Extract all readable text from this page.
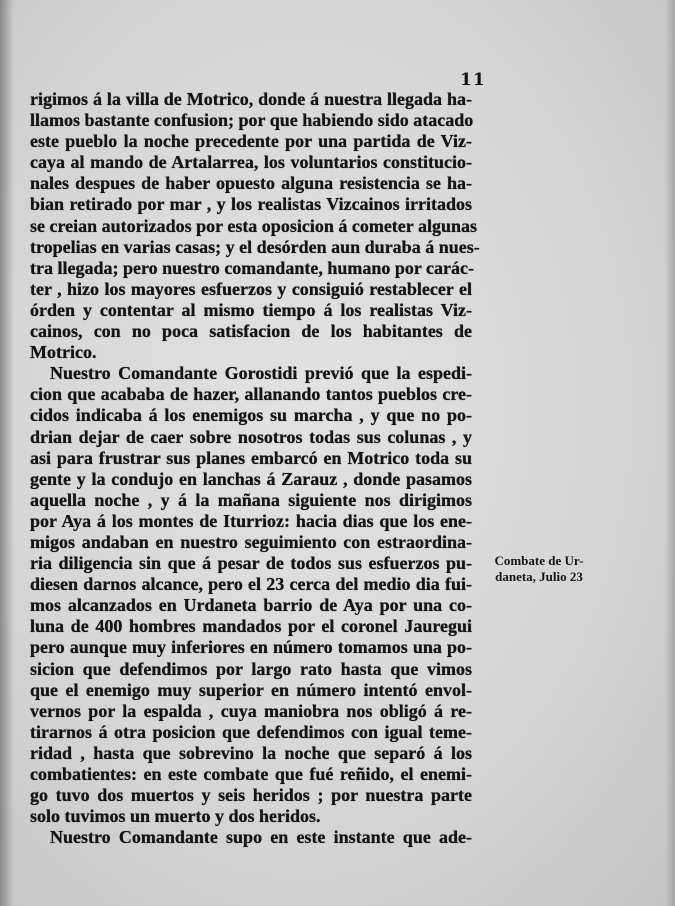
11
rigimos á la villa de Motrico, donde á nuestra llegada ha-
llamos bastante confusion; por que habiendo sido atacado
este pueblo la noche precedente por una partida de Viz-
caya al mando de Artalarrea, los voluntarios constitucio-
nales despues de haber opuesto alguna resistencia se ha-
bian retirado por mar , y los realistas Vizcainos irritados
se creian autorizados por esta oposicion á cometer algunas
tropelias en varias casas; y el desórden aun duraba á nues-
tra llegada; pero nuestro comandante, humano por carác-
ter , hizo los mayores esfuerzos y consiguió restablecer el
órden y contentar al mismo tiempo á los realistas Viz-
cainos, con no poca satisfacion de los habitantes de
Motrico.
Nuestro Comandante Gorostidi previó que la espedi-
cion que acababa de hazer, allanando tantos pueblos cre-
cidos indicaba á los enemigos su marcha , y que no po-
drian dejar de caer sobre nosotros todas sus colunas , y
asi para frustrar sus planes embarcó en Motrico toda su
gente y la condujo en lanchas á Zarauz , donde pasamos
aquella noche , y á la mañana siguiente nos dirigimos
por Aya á los montes de Iturrioz: hacia dias que los ene-
migos andaban en nuestro seguimiento con estraordina-
ria diligencia sin que á pesar de todos sus esfuerzos pu-
diesen darnos alcance, pero el 23 cerca del medio dia fui-
mos alcanzados en Urdaneta barrio de Aya por una co-
luna de 400 hombres mandados por el coronel Jauregui
pero aunque muy inferiores en número tomamos una po-
sicion que defendimos por largo rato hasta que vimos
que el enemigo muy superior en número intentó envol-
vernos por la espalda , cuya maniobra nos obligó á re-
tirarnos á otra posicion que defendimos con igual teme-
ridad , hasta que sobrevino la noche que separó á los
combatientes: en este combate que fué reñido, el enemi-
go tuvo dos muertos y seis heridos ; por nuestra parte
solo tuvimos un muerto y dos heridos.
Nuestro Comandante supo en este instante que ade-
Combate de Ur-
daneta, Julio 23
